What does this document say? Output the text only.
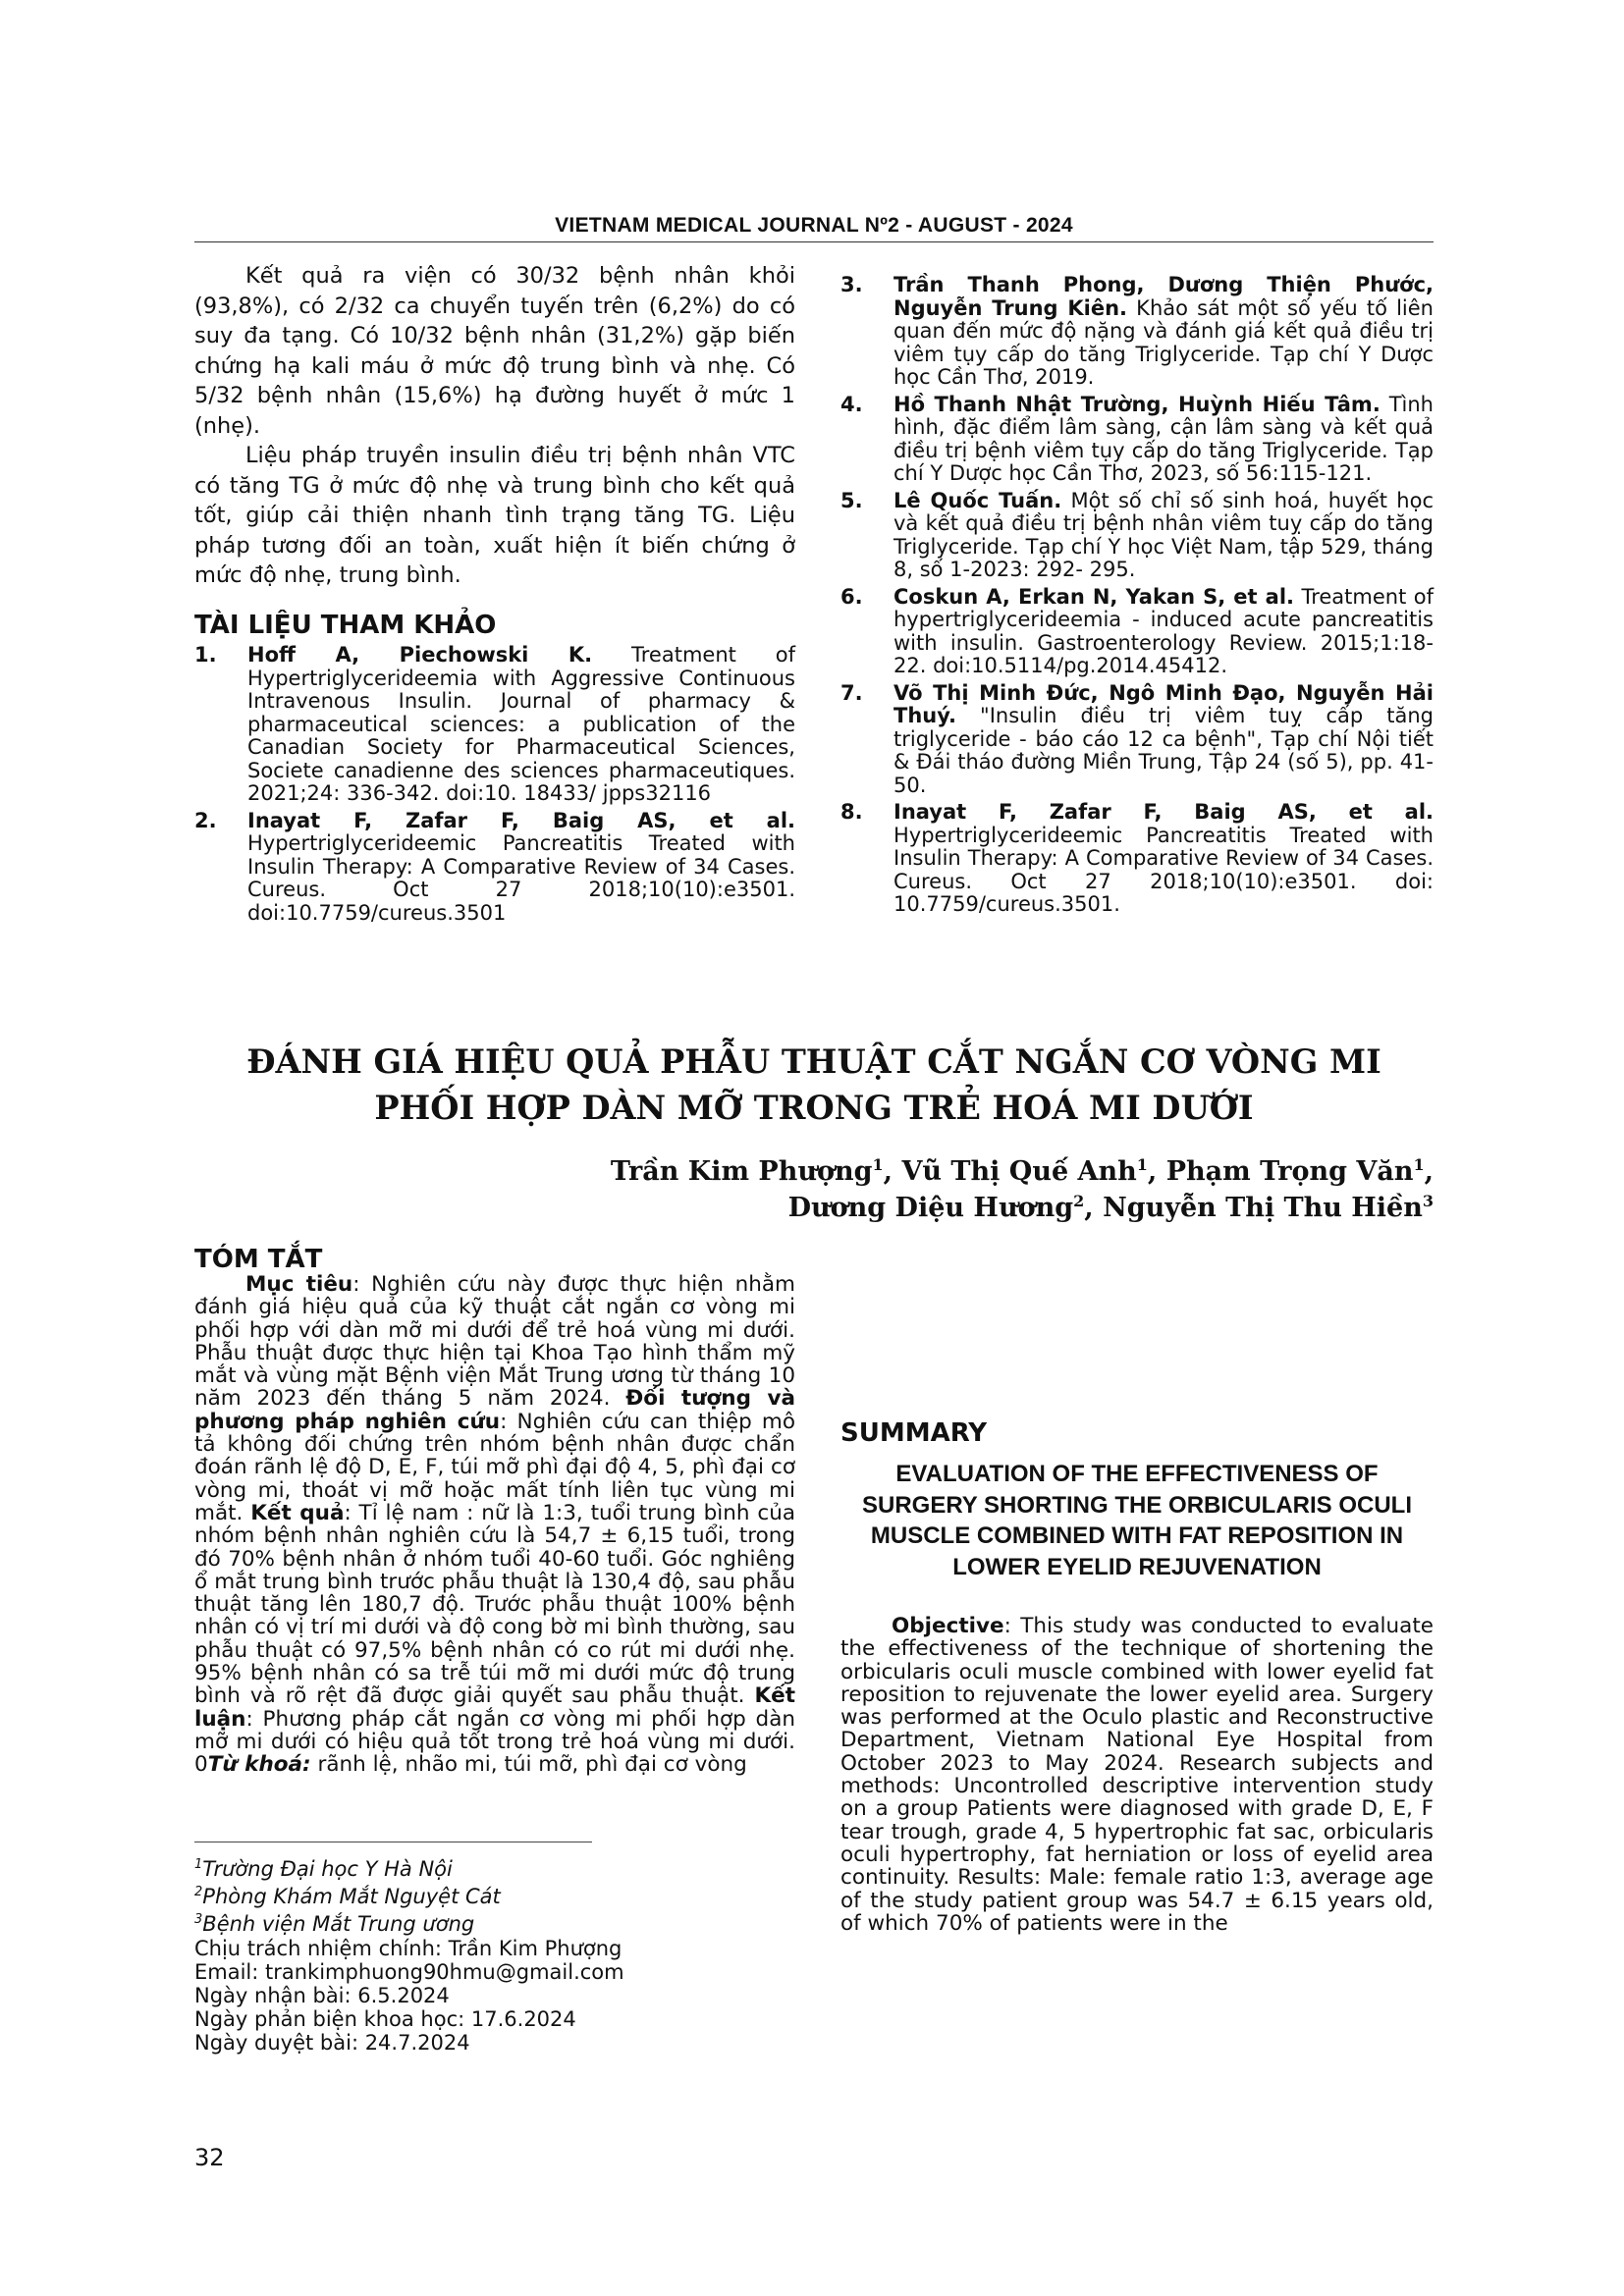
VIETNAM MEDICAL JOURNAL Nº2 - AUGUST - 2024

Kết quả ra viện có 30/32 bệnh nhân khỏi (93,8%), có 2/32 ca chuyển tuyến trên (6,2%) do có suy đa tạng. Có 10/32 bệnh nhân (31,2%) gặp biến chứng hạ kali máu ở mức độ trung bình và nhẹ. Có 5/32 bệnh nhân (15,6%) hạ đường huyết ở mức 1 (nhẹ).

Liệu pháp truyền insulin điều trị bệnh nhân VTC có tăng TG ở mức độ nhẹ và trung bình cho kết quả tốt, giúp cải thiện nhanh tình trạng tăng TG. Liệu pháp tương đối an toàn, xuất hiện ít biến chứng ở mức độ nhẹ, trung bình.

TÀI LIỆU THAM KHẢO
1.	Hoff A, Piechowski K. Treatment of Hypertriglycerideemia with Aggressive Continuous Intravenous Insulin. Journal of pharmacy & pharmaceutical sciences: a publication of the Canadian Society for Pharmaceutical Sciences, Societe canadienne des sciences pharmaceutiques. 2021;24: 336-342. doi:10. 18433/ jpps32116
2.	Inayat F, Zafar F, Baig AS, et al. Hypertriglycerideemic Pancreatitis Treated with Insulin Therapy: A Comparative Review of 34 Cases. Cureus. Oct 27 2018;10(10):e3501. doi:10.7759/cureus.3501
3.	Trần Thanh Phong, Dương Thiện Phước, Nguyễn Trung Kiên. Khảo sát một số yếu tố liên quan đến mức độ nặng và đánh giá kết quả điều trị viêm tụy cấp do tăng Triglyceride. Tạp chí Y Dược học Cần Thơ, 2019.
4.	Hồ Thanh Nhật Trường, Huỳnh Hiếu Tâm. Tình hình, đặc điểm lâm sàng, cận lâm sàng và kết quả điều trị bệnh viêm tụy cấp do tăng Triglyceride. Tạp chí Y Dược học Cần Thơ, 2023, số 56:115-121.
5.	Lê Quốc Tuấn. Một số chỉ số sinh hoá, huyết học và kết quả điều trị bệnh nhân viêm tuỵ cấp do tăng Triglyceride. Tạp chí Y học Việt Nam, tập 529, tháng 8, số 1-2023: 292- 295.
6.	Coskun A, Erkan N, Yakan S, et al. Treatment of hypertriglycerideemia - induced acute pancreatitis with insulin. Gastroenterology Review. 2015;1:18-22. doi:10.5114/pg.2014.45412.
7.	Võ Thị Minh Đức, Ngô Minh Đạo, Nguyễn Hải Thuý. "Insulin điều trị viêm tuỵ cấp tăng triglyceride - báo cáo 12 ca bệnh", Tạp chí Nội tiết & Đái tháo đường Miền Trung, Tập 24 (số 5), pp. 41-50.
8.	Inayat F, Zafar F, Baig AS, et al. Hypertriglycerideemic Pancreatitis Treated with Insulin Therapy: A Comparative Review of 34 Cases. Cureus. Oct 27 2018;10(10):e3501. doi: 10.7759/cureus.3501.
ĐÁNH GIÁ HIỆU QUẢ PHẪU THUẬT CẮT NGẮN CƠ VÒNG MI
PHỐI HỢP DÀN MỠ TRONG TRẺ HOÁ MI DƯỚI
Trần Kim Phượng$^1$, Vũ Thị Quế Anh$^1$, Phạm Trọng Văn$^1$,
Dương Diệu Hương$^2$, Nguyễn Thị Thu Hiền$^3$
TÓM TẮT

Mục tiêu: Nghiên cứu này được thực hiện nhằm đánh giá hiệu quả của kỹ thuật cắt ngắn cơ vòng mi phối hợp với dàn mỡ mi dưới để trẻ hoá vùng mi dưới. Phẫu thuật được thực hiện tại Khoa Tạo hình thẩm mỹ mắt và vùng mặt Bệnh viện Mắt Trung ương từ tháng 10 năm 2023 đến tháng 5 năm 2024. Đối tượng và phương pháp nghiên cứu: Nghiên cứu can thiệp mô tả không đối chứng trên nhóm bệnh nhân được chẩn đoán rãnh lệ độ D, E, F, túi mỡ phì đại độ 4, 5, phì đại cơ vòng mi, thoát vị mỡ hoặc mất tính liên tục vùng mi mắt. Kết quả: Tỉ lệ nam : nữ là 1:3, tuổi trung bình của nhóm bệnh nhân nghiên cứu là 54,7 ± 6,15 tuổi, trong đó 70% bệnh nhân ở nhóm tuổi 40-60 tuổi. Góc nghiêng ổ mắt trung bình trước phẫu thuật là 130,4 độ, sau phẫu thuật tăng lên 180,7 độ. Trước phẫu thuật 100% bệnh nhân có vị trí mi dưới và độ cong bờ mi bình thường, sau phẫu thuật có 97,5% bệnh nhân có co rút mi dưới nhẹ. 95% bệnh nhân có sa trễ túi mỡ mi dưới mức độ trung bình và rõ rệt đã được giải quyết sau phẫu thuật. Kết luận: Phương pháp cắt ngắn cơ vòng mi phối hợp dàn mỡ mi dưới có hiệu quả tốt trong trẻ hoá vùng mi dưới. 0Từ khoá: rãnh lệ, nhão mi, túi mỡ, phì đại cơ vòng

SUMMARY
EVALUATION OF THE EFFECTIVENESS OF SURGERY SHORTING THE ORBICULARIS OCULI MUSCLE COMBINED WITH FAT REPOSITION IN LOWER EYELID REJUVENATION

Objective: This study was conducted to evaluate the effectiveness of the technique of shortening the orbicularis oculi muscle combined with lower eyelid fat reposition to rejuvenate the lower eyelid area. Surgery was performed at the Oculo plastic and Reconstructive Department, Vietnam National Eye Hospital from October 2023 to May 2024. Research subjects and methods: Uncontrolled descriptive intervention study on a group Patients were diagnosed with grade D, E, F tear trough, grade 4, 5 hypertrophic fat sac, orbicularis oculi hypertrophy, fat herniation or loss of eyelid area continuity. Results: Male: female ratio 1:3, average age of the study patient group was 54.7 ± 6.15 years old, of which 70% of patients were in the

$^1$Trường Đại học Y Hà Nội
$^2$Phòng Khám Mắt Nguyệt Cát
$^3$Bệnh viện Mắt Trung ương
Chịu trách nhiệm chính: Trần Kim Phượng
Email: trankimphuong90hmu@gmail.com
Ngày nhận bài: 6.5.2024
Ngày phản biện khoa học: 17.6.2024
Ngày duyệt bài: 24.7.2024
32
